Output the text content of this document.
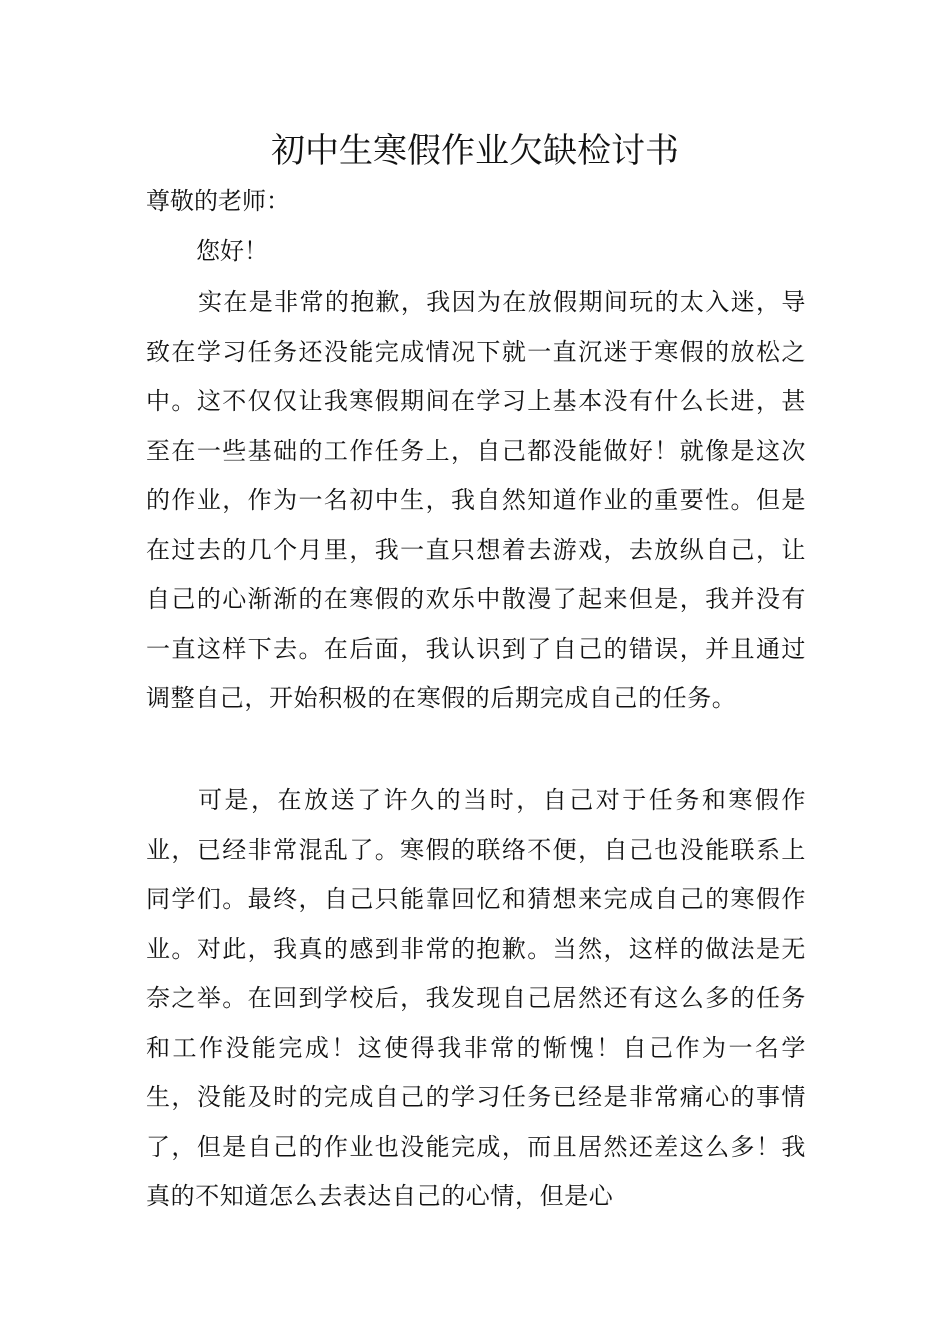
初中生寒假作业欠缺检讨书

尊敬的老师：

您好！

实在是非常的抱歉，我因为在放假期间玩的太入迷，导致在学习任务还没能完成情况下就一直沉迷于寒假的放松之中。这不仅仅让我寒假期间在学习上基本没有什么长进，甚至在一些基础的工作任务上，自己都没能做好！就像是这次的作业，作为一名初中生，我自然知道作业的重要性。但是在过去的几个月里，我一直只想着去游戏，去放纵自己，让自己的心渐渐的在寒假的欢乐中散漫了起来但是，我并没有一直这样下去。在后面，我认识到了自己的错误，并且通过调整自己，开始积极的在寒假的后期完成自己的任务。

可是，在放送了许久的当时，自己对于任务和寒假作业，已经非常混乱了。寒假的联络不便，自己也没能联系上同学们。最终，自己只能靠回忆和猜想来完成自己的寒假作业。对此，我真的感到非常的抱歉。当然，这样的做法是无奈之举。在回到学校后，我发现自己居然还有这么多的任务和工作没能完成！这使得我非常的惭愧！自己作为一名学生，没能及时的完成自己的学习任务已经是非常痛心的事情了，但是自己的作业也没能完成，而且居然还差这么多！我真的不知道怎么去表达自己的心情，但是心
